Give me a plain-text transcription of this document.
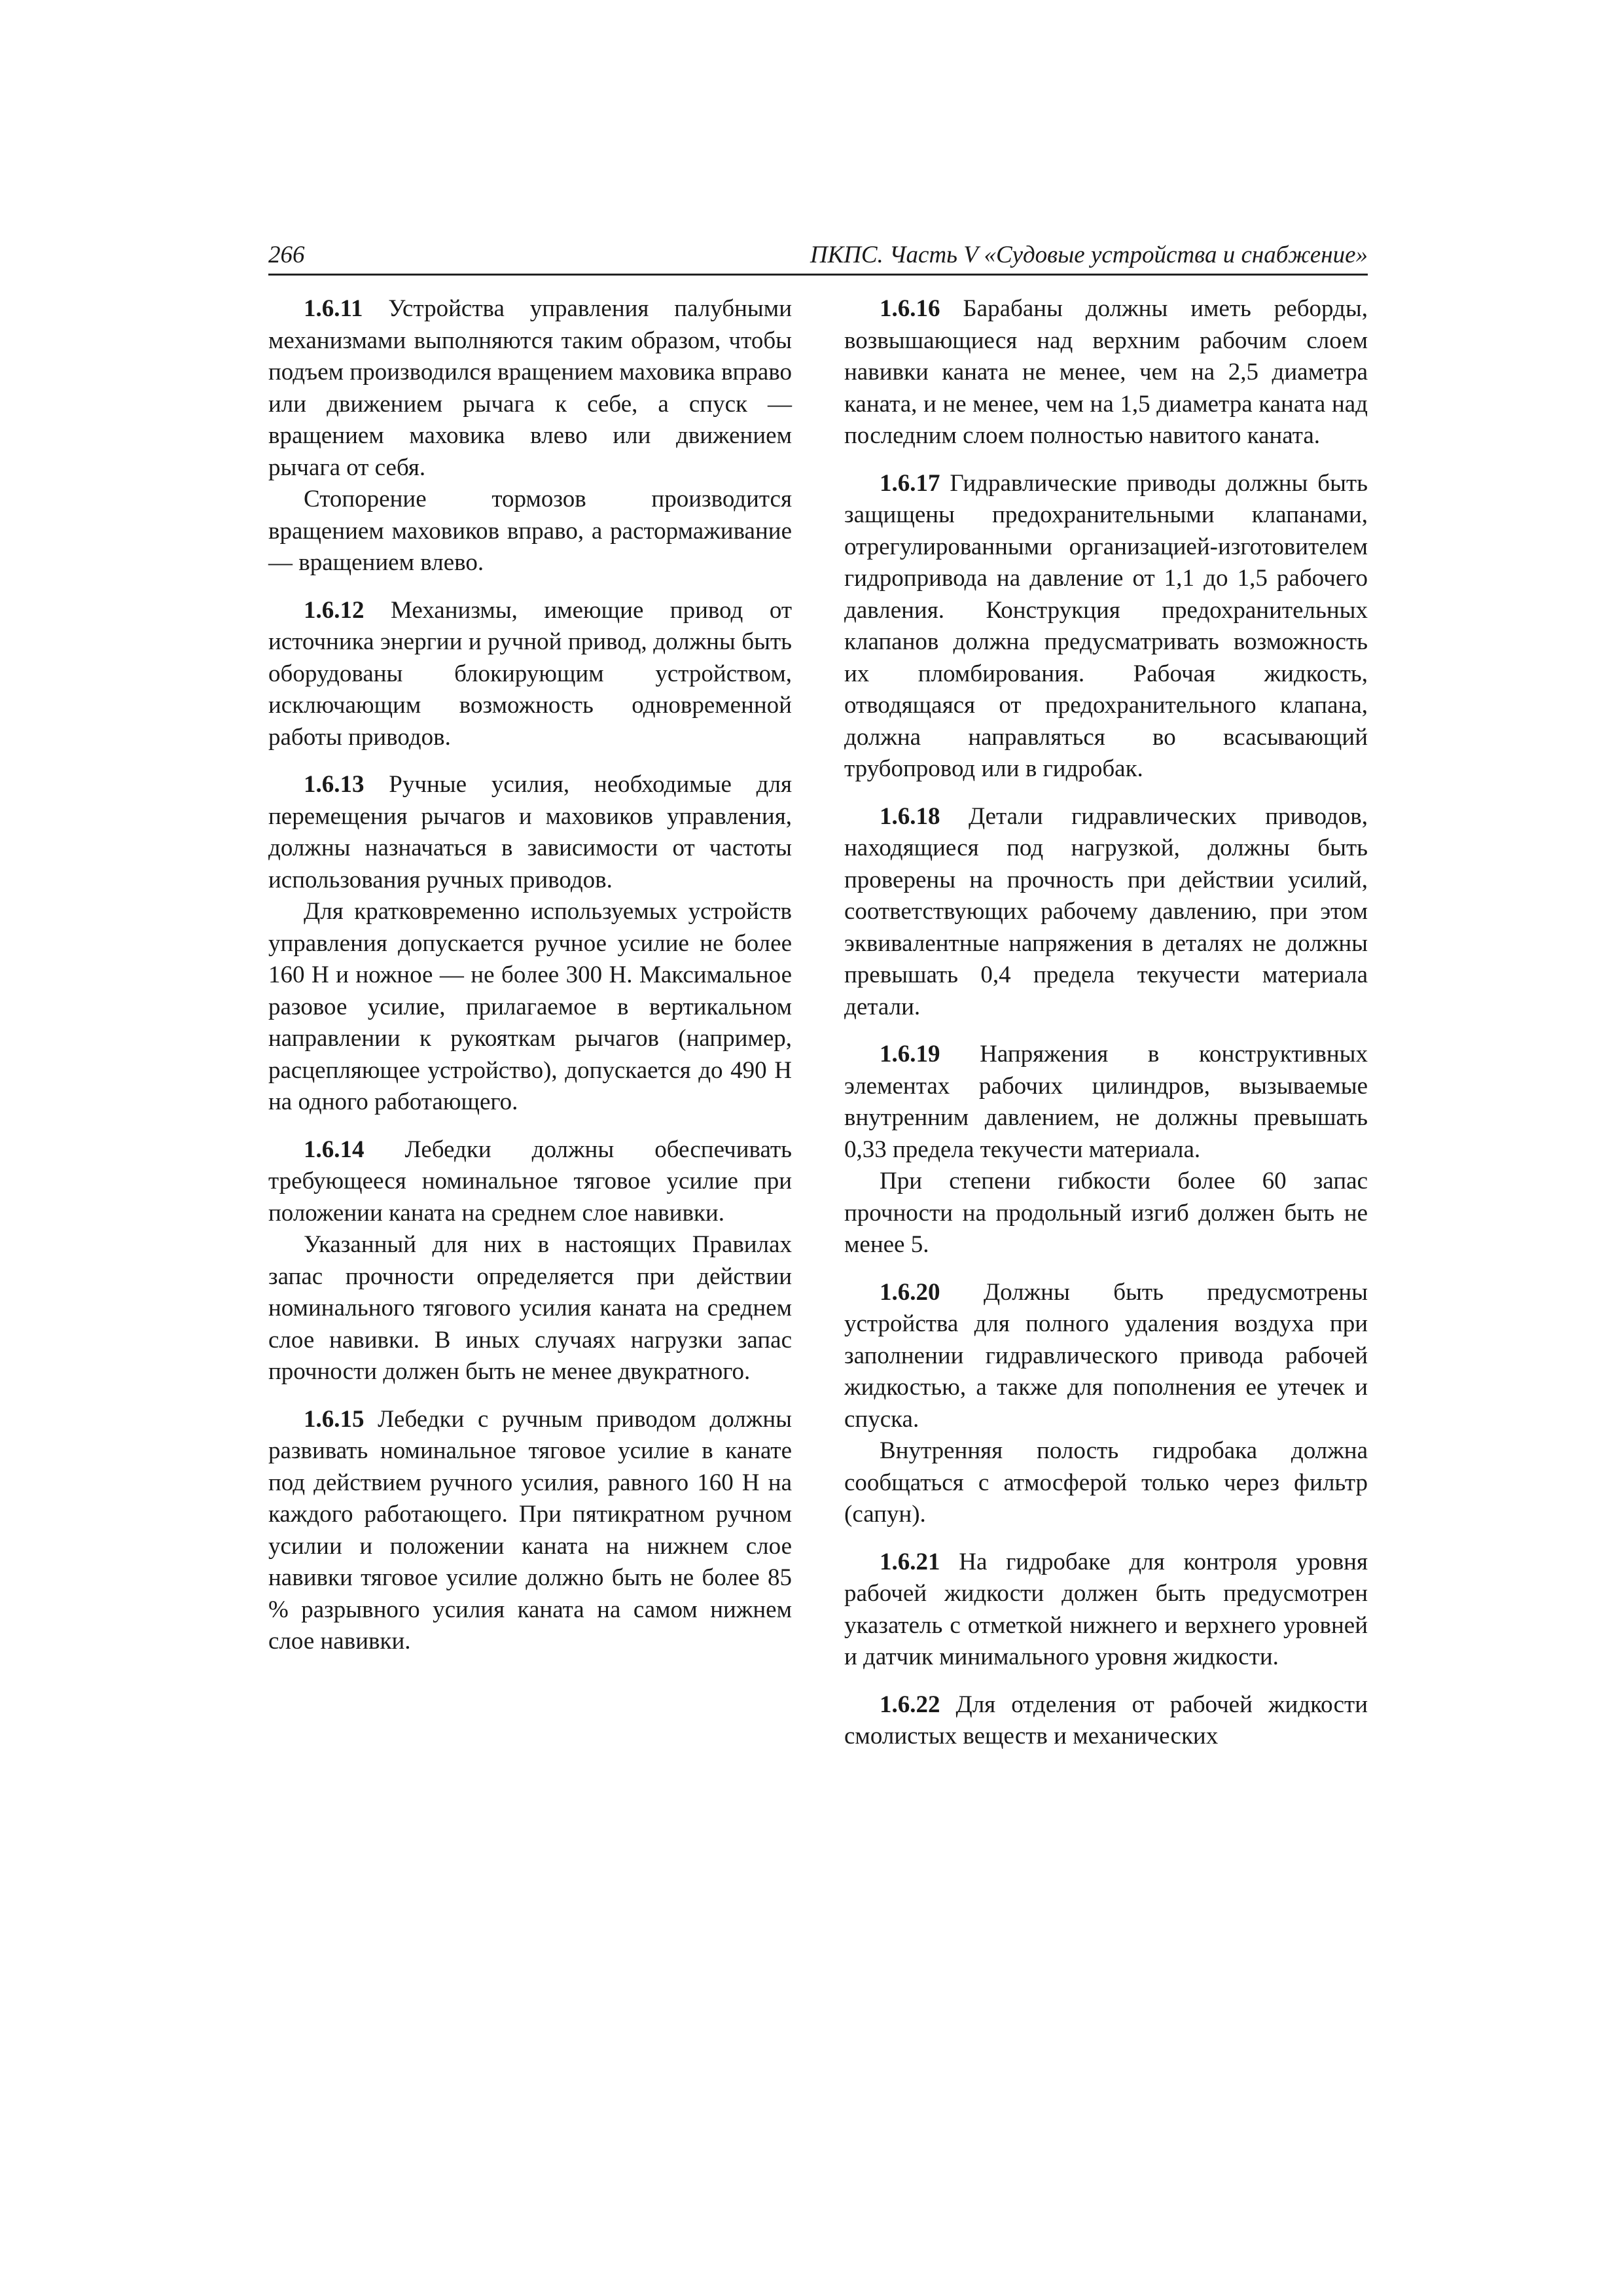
266	ПКПС. Часть V «Судовые устройства и снабжение»

1.6.11 Устройства управления палубными механизмами выполняются таким образом, чтобы подъем производился вращением маховика вправо или движением рычага к себе, а спуск — вращением маховика влево или движением рычага от себя.

Стопорение тормозов производится вращением маховиков вправо, а растормаживание — вращением влево.

1.6.12 Механизмы, имеющие привод от источника энергии и ручной привод, должны быть оборудованы блокирующим устройством, исключающим возможность одновременной работы приводов.

1.6.13 Ручные усилия, необходимые для перемещения рычагов и маховиков управления, должны назначаться в зависимости от частоты использования ручных приводов.

Для кратковременно используемых устройств управления допускается ручное усилие не более 160 Н и ножное — не более 300 Н. Максимальное разовое усилие, прилагаемое в вертикальном направлении к рукояткам рычагов (например, расцепляющее устройство), допускается до 490 Н на одного работающего.

1.6.14 Лебедки должны обеспечивать требующееся номинальное тяговое усилие при положении каната на среднем слое навивки.

Указанный для них в настоящих Правилах запас прочности определяется при действии номинального тягового усилия каната на среднем слое навивки. В иных случаях нагрузки запас прочности должен быть не менее двукратного.

1.6.15 Лебедки с ручным приводом должны развивать номинальное тяговое усилие в канате под действием ручного усилия, равного 160 Н на каждого работающего. При пятикратном ручном усилии и положении каната на нижнем слое навивки тяговое усилие должно быть не более 85 % разрывного усилия каната на самом нижнем слое навивки.

1.6.16 Барабаны должны иметь реборды, возвышающиеся над верхним рабочим слоем навивки каната не менее, чем на 2,5 диаметра каната, и не менее, чем на 1,5 диаметра каната над последним слоем полностью навитого каната.

1.6.17 Гидравлические приводы должны быть защищены предохранительными клапанами, отрегулированными организацией-изготовителем гидропривода на давление от 1,1 до 1,5 рабочего давления. Конструкция предохранительных клапанов должна предусматривать возможность их пломбирования. Рабочая жидкость, отводящаяся от предохранительного клапана, должна направляться во всасывающий трубопровод или в гидробак.

1.6.18 Детали гидравлических приводов, находящиеся под нагрузкой, должны быть проверены на прочность при действии усилий, соответствующих рабочему давлению, при этом эквивалентные напряжения в деталях не должны превышать 0,4 предела текучести материала детали.

1.6.19 Напряжения в конструктивных элементах рабочих цилиндров, вызываемые внутренним давлением, не должны превышать 0,33 предела текучести материала.

При степени гибкости более 60 запас прочности на продольный изгиб должен быть не менее 5.

1.6.20 Должны быть предусмотрены устройства для полного удаления воздуха при заполнении гидравлического привода рабочей жидкостью, а также для пополнения ее утечек и спуска.

Внутренняя полость гидробака должна сообщаться с атмосферой только через фильтр (сапун).

1.6.21 На гидробаке для контроля уровня рабочей жидкости должен быть предусмотрен указатель с отметкой нижнего и верхнего уровней и датчик минимального уровня жидкости.

1.6.22 Для отделения от рабочей жидкости смолистых веществ и механических
